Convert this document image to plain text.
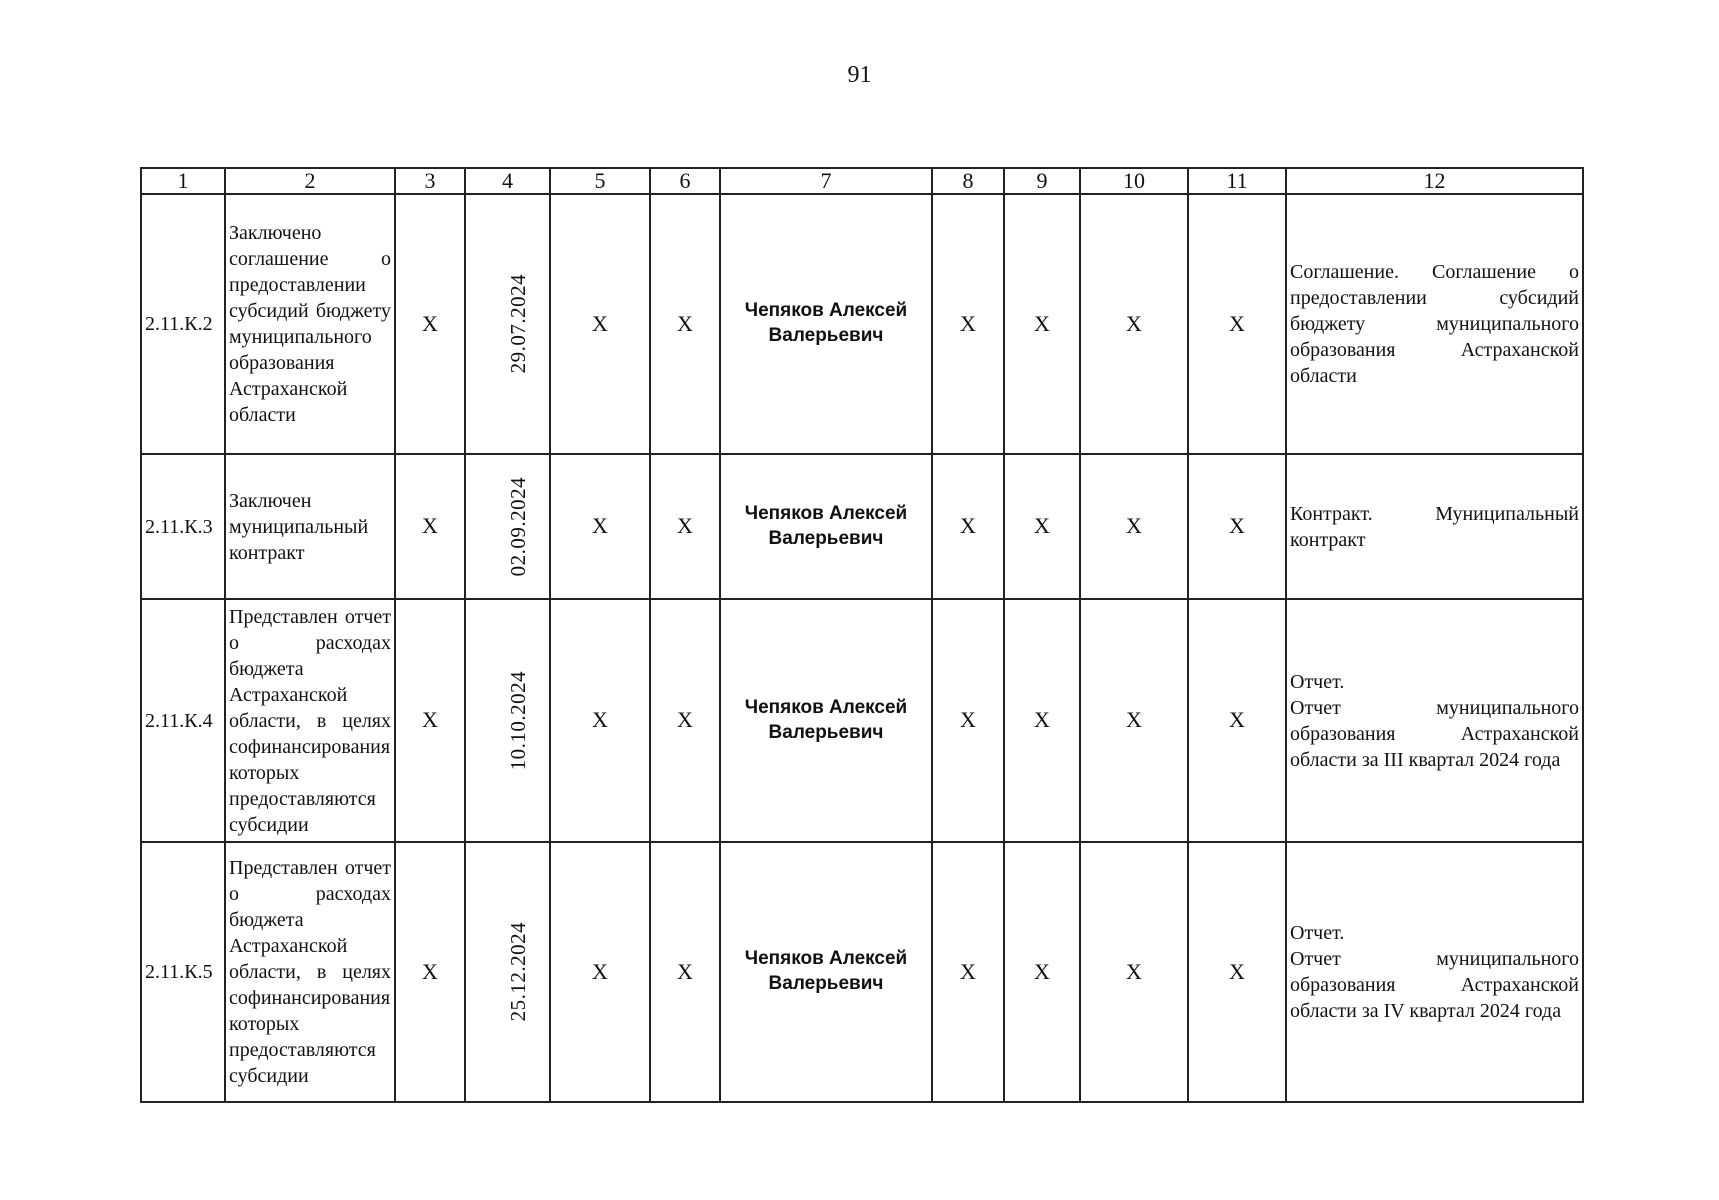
91
1	2	3	4	5	6	7	8	9	10	11	12
2.11.К.2	Заключено соглашение о предоставлении субсидий бюджету муниципального образования Астраханской области	X	29.07.2024	X	X	Чепяков Алексей Валерьевич	X	X	X	X	Соглашение. Соглашение о предоставлении субсидий бюджету муниципального образования Астраханской области
2.11.К.3	Заключен муниципальный контракт	X	02.09.2024	X	X	Чепяков Алексей Валерьевич	X	X	X	X	Контракт. Муниципальный контракт
2.11.К.4	Представлен отчет о расходах бюджета Астраханской области, в целях софинансирования которых предоставляются субсидии	X	10.10.2024	X	X	Чепяков Алексей Валерьевич	X	X	X	X	Отчет.
Отчет муниципального образования Астраханской области за III квартал 2024 года

2.11.К.5	Представлен отчет о расходах бюджета Астраханской области, в целях софинансирования которых предоставляются субсидии	X	25.12.2024	X	X	Чепяков Алексей Валерьевич	X	X	X	X	Отчет.
Отчет муниципального образования Астраханской области за IV квартал 2024 года
